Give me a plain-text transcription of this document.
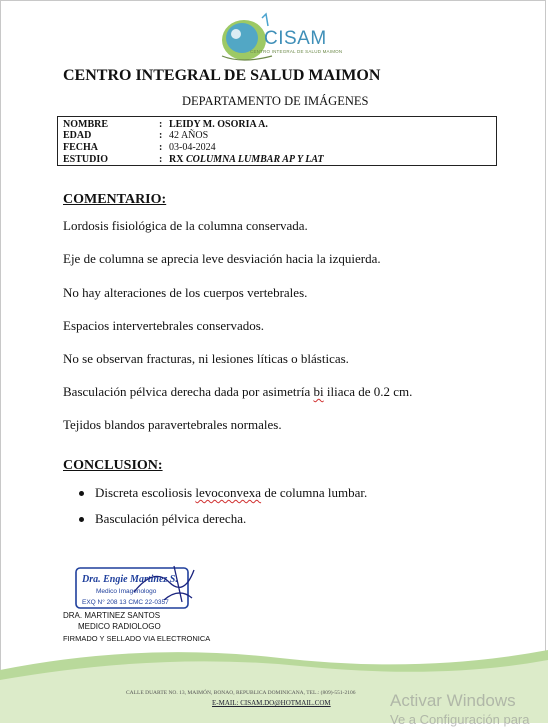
CISAM
CENTRO INTEGRAL DE SALUD MAIMON
CENTRO INTEGRAL DE SALUD MAIMON
DEPARTAMENTO DE IMÁGENES
NOMBRE	: LEIDY M. OSORIA A.
EDAD	: 42 AÑOS
FECHA	: 03-04-2024
ESTUDIO	: RX COLUMNA LUMBAR AP Y LAT
COMENTARIO:
Lordosis fisiológica de la columna conservada.
Eje de columna se aprecia leve desviación hacia la izquierda.
No hay alteraciones de los cuerpos vertebrales.
Espacios intervertebrales conservados.
No se observan fracturas, ni lesiones líticas o blásticas.
Basculación pélvica derecha dada por asimetría bi iliaca de 0.2 cm.
Tejidos blandos paravertebrales normales.
CONCLUSION:
Discreta escoliosis levoconvexa de columna lumbar.
Basculación pélvica derecha.
Dra. Engie Martinez S.
Medico Imagenologo
EXQ N° 208 13 CMC 22-0357
DRA. MARTINEZ SANTOS
MEDICO RADIOLOGO
FIRMADO Y SELLADO VIA ELECTRONICA
CALLE DUARTE NO. 13, MAIMÓN, BONAO, REPUBLICA DOMINICANA, TEL.: (809)-551-2106
E-MAIL: CISAM.DO@HOTMAIL.COM	Activar Windows
Ve a Configuración para
